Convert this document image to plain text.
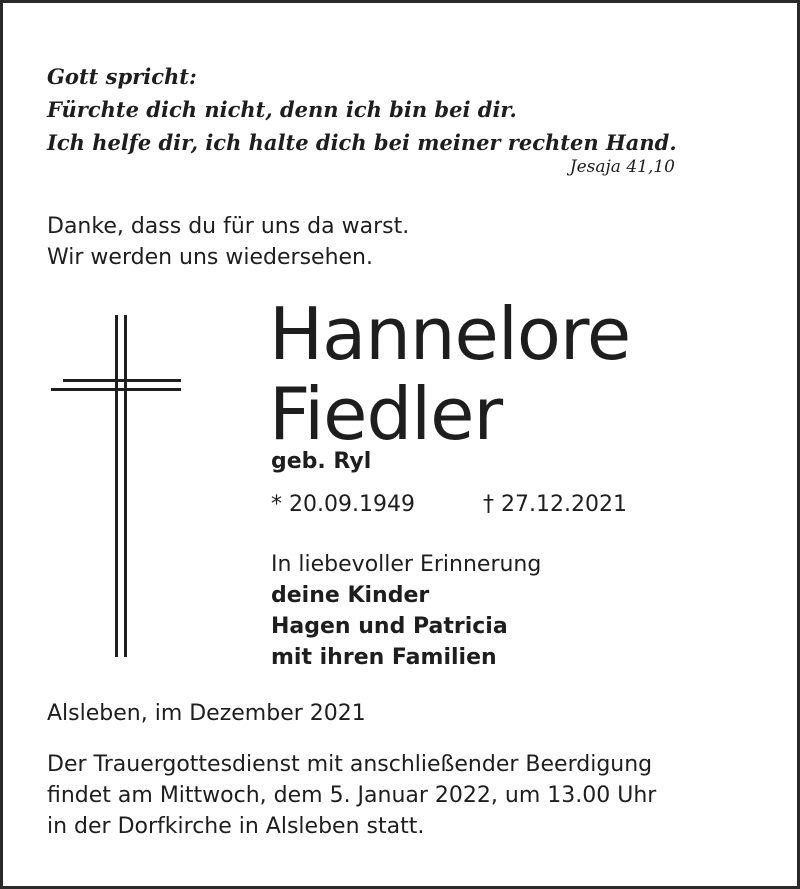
Gott spricht:
Fürchte dich nicht, denn ich bin bei dir.
Ich helfe dir, ich halte dich bei meiner rechten Hand.
Jesaja 41,10
Danke, dass du für uns da warst.
Wir werden uns wiedersehen.
Hannelore
Fiedler
geb. Ryl
* 20.09.1949	† 27.12.2021
In liebevoller Erinnerung
deine Kinder
Hagen und Patricia
mit ihren Familien
Alsleben, im Dezember 2021
Der Trauergottesdienst mit anschließender Beerdigung
findet am Mittwoch, dem 5. Januar 2022, um 13.00 Uhr
in der Dorfkirche in Alsleben statt.
